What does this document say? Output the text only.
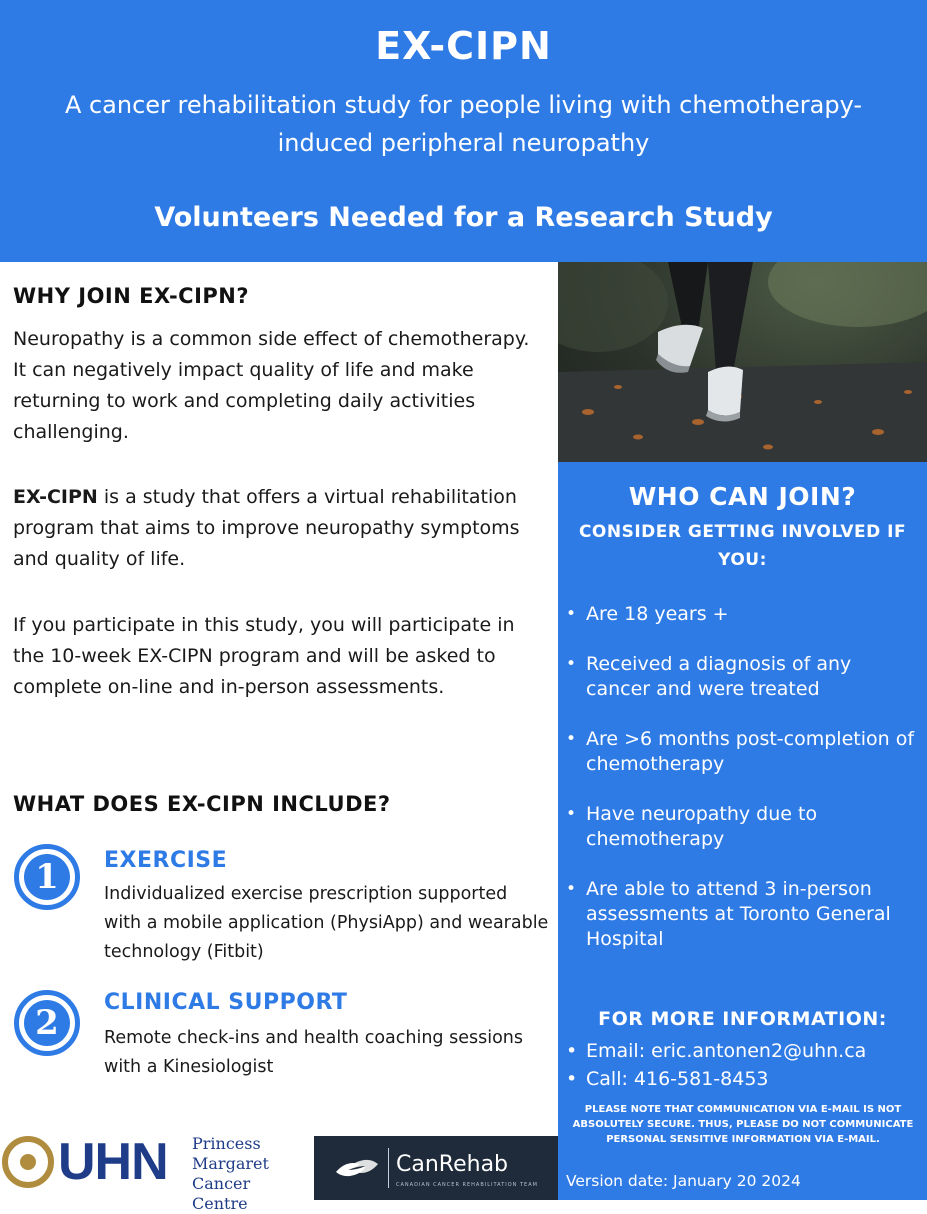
EX-CIPN
A cancer rehabilitation study for people living with chemotherapy-induced peripheral neuropathy
Volunteers Needed for a Research Study
WHY JOIN EX-CIPN?
Neuropathy is a common side effect of chemotherapy. It can negatively impact quality of life and make returning to work and completing daily activities challenging.
EX-CIPN is a study that offers a virtual rehabilitation program that aims to improve neuropathy symptoms and quality of life.
If you participate in this study, you will participate in the 10-week EX-CIPN program and will be asked to complete on-line and in-person assessments.
WHAT DOES EX-CIPN INCLUDE?
1	EXERCISE
Individualized exercise prescription supported with a mobile application (PhysiApp) and wearable technology (Fitbit)
2
CLINICAL SUPPORT
Remote check-ins and health coaching sessions with a Kinesiologist
WHO CAN JOIN?
CONSIDER GETTING INVOLVED IF YOU:
• Are 18 years +
• Received a diagnosis of any cancer and were treated
• Are >6 months post-completion of chemotherapy
• Have neuropathy due to chemotherapy
• Are able to attend 3 in-person assessments at Toronto General Hospital
FOR MORE INFORMATION:
• Email: eric.antonen2@uhn.ca
• Call: 416-581-8453
PLEASE NOTE THAT COMMUNICATION VIA E-MAIL IS NOT ABSOLUTELY SECURE. THUS, PLEASE DO NOT COMMUNICATE PERSONAL SENSITIVE INFORMATION VIA E-MAIL.
Version date: January 20 2024
UHN Princess
Margaret
Cancer Centre
CanRehab
CANADIAN CANCER REHABILITATION TEAM
